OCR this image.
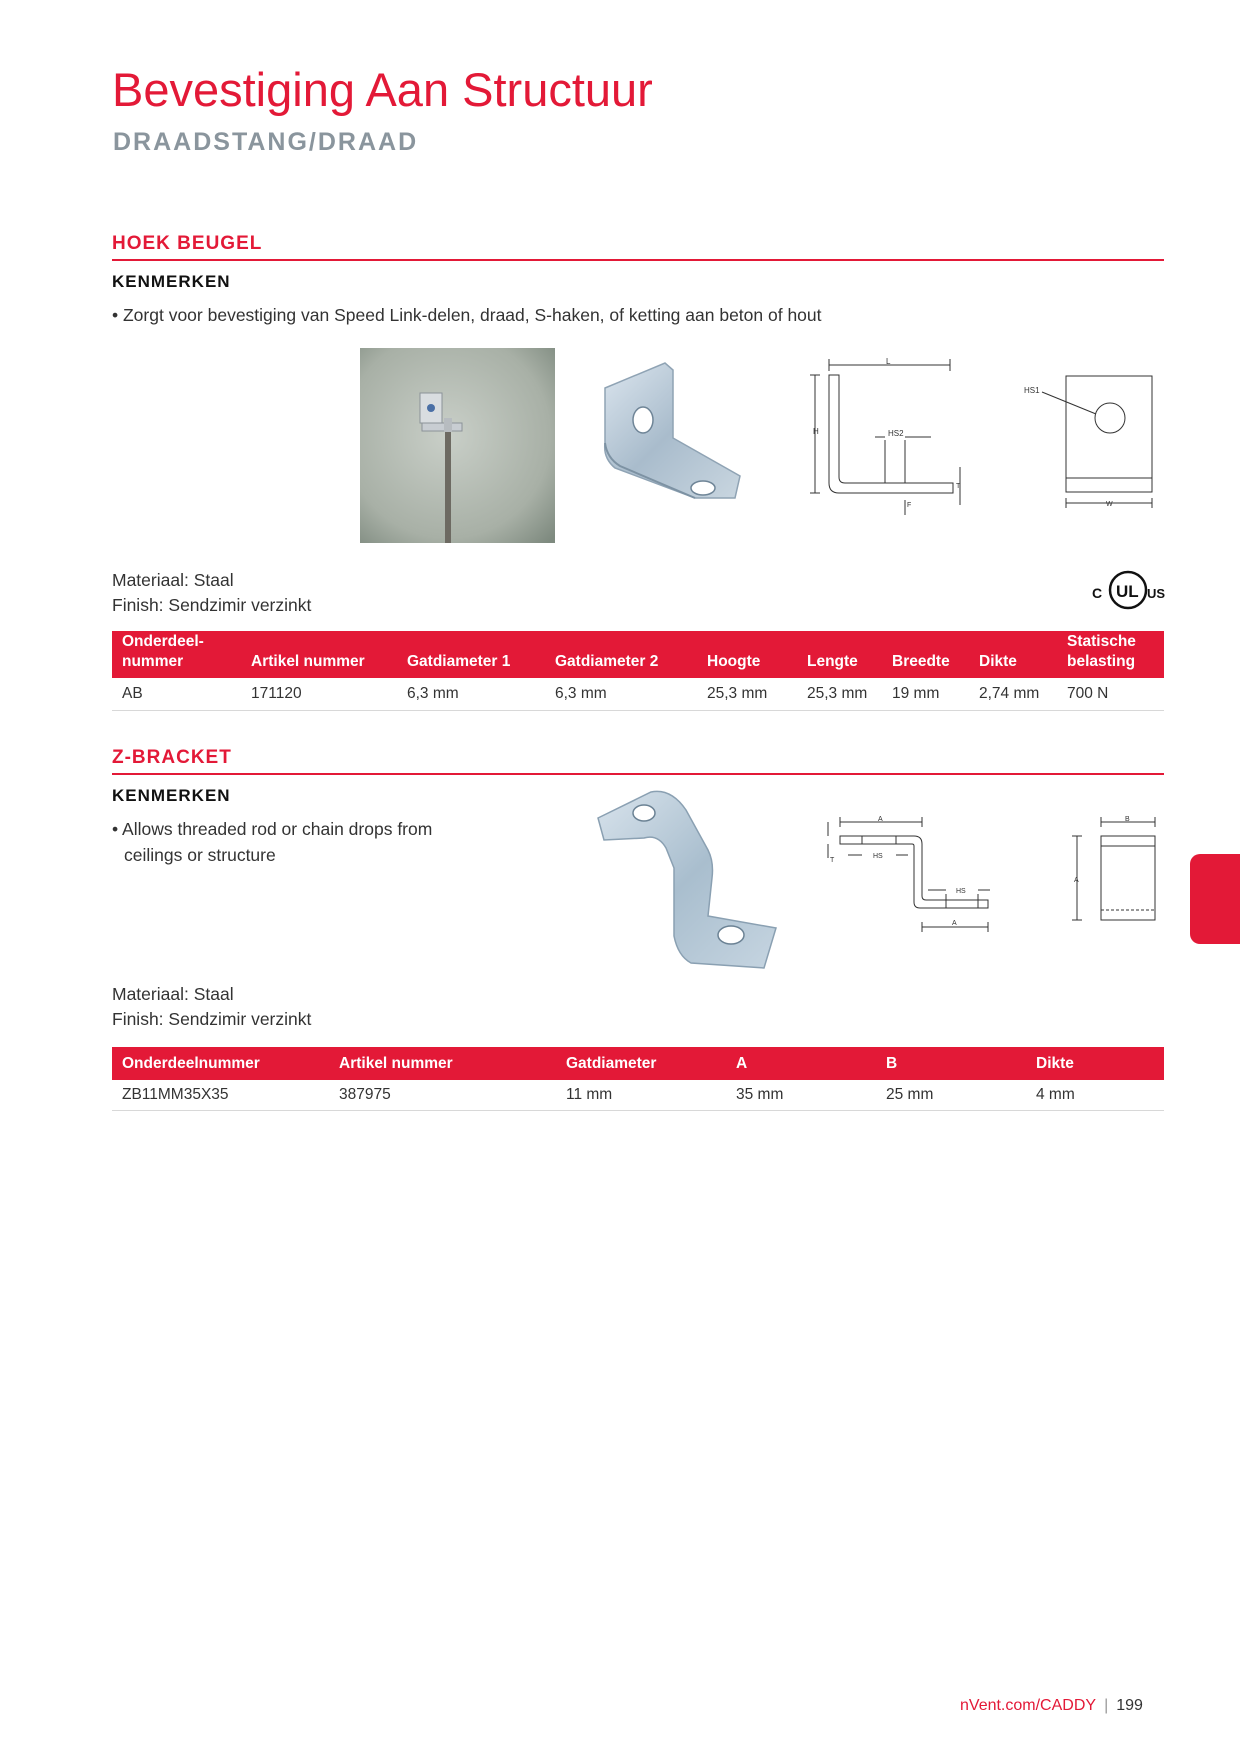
Bevestiging Aan Structuur
DRAADSTANG/DRAAD
HOEK BEUGEL
KENMERKEN
• Zorgt voor bevestiging van Speed Link-delen, draad, S-haken, of ketting aan beton of hout
L
H	HS2
T
F
HS1
W
Materiaal: Staal
Finish: Sendzimir verzinkt
C UL US
Onderdeel-
nummer	Artikel nummer	Gatdiameter 1	Gatdiameter 2	Hoogte	Lengte	Breedte	Dikte	Statische
belasting
AB	171120	6,3 mm	6,3 mm	25,3 mm	25,3 mm	19 mm	2,74 mm	700 N
Z-BRACKET
KENMERKEN
• Allows threaded rod or chain drops from
ceilings or structure
A
T
HS
HS
A
B
A
Materiaal: Staal
Finish: Sendzimir verzinkt
Onderdeelnummer	Artikel nummer	Gatdiameter	A	B	Dikte
ZB11MM35X35	387975	11 mm	35 mm	25 mm	4 mm
nVent.com/CADDY | 199
